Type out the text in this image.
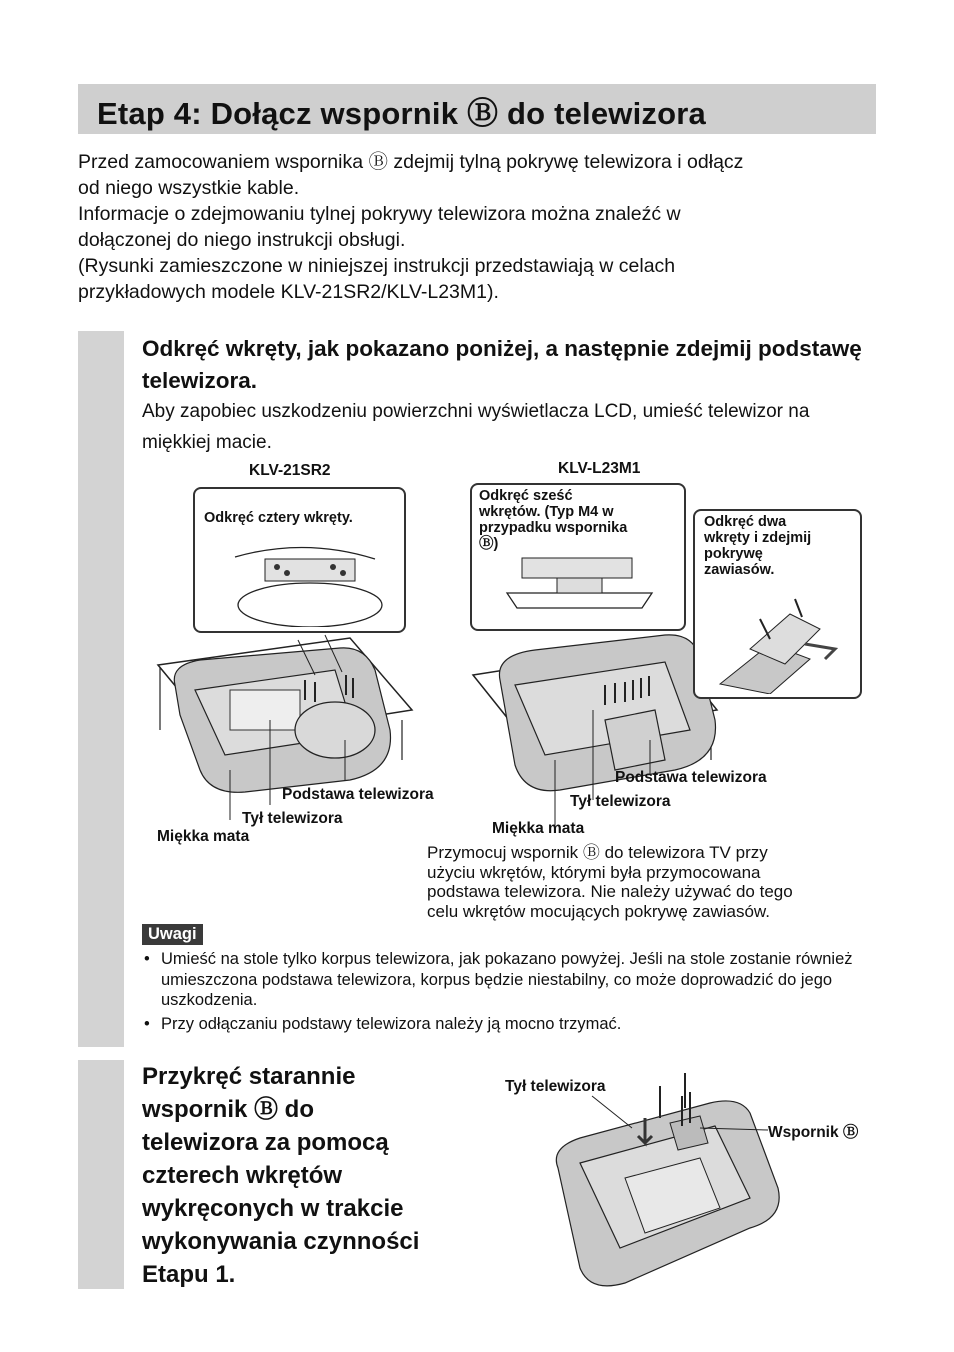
Etap 4: Dołącz wspornik Ⓑ do telewizora
Przed zamocowaniem wspornika Ⓑ zdejmij tylną pokrywę telewizora i odłącz
od niego wszystkie kable.
Informacje o zdejmowaniu tylnej pokrywy telewizora można znaleźć w
dołączonej do niego instrukcji obsługi.
(Rysunki zamieszczone w niniejszej instrukcji przedstawiają w celach
przykładowych modele KLV-21SR2/KLV-L23M1).
Odkręć wkręty, jak pokazano poniżej, a następnie zdejmij podstawę telewizora.
Aby zapobiec uszkodzeniu powierzchni wyświetlacza LCD, umieść telewizor na miękkiej macie.
KLV-21SR2	KLV-L23M1
Odkręć cztery wkręty.
Odkręć sześć
wkrętów. (Typ M4 w
przypadku wspornika
Ⓑ)
Odkręć dwa
wkręty i zdejmij
pokrywę
zawiasów.
Podstawa telewizora
Tył telewizora
Miękka mata
Podstawa telewizora
Tył telewizora
Miękka mata
Przymocuj wspornik Ⓑ do telewizora TV przy
użyciu wkrętów, którymi była przymocowana
podstawa telewizora. Nie należy używać do tego
celu wkrętów mocujących pokrywę zawiasów.
Uwagi
• Umieść na stole tylko korpus telewizora, jak pokazano powyżej. Jeśli na stole zostanie również umieszczona podstawa telewizora, korpus będzie niestabilny, co może doprowadzić do jego uszkodzenia.
• Przy odłączaniu podstawy telewizora należy ją mocno trzymać.
Przykręć starannie
wspornik Ⓑ do
telewizora za pomocą
czterech wkrętów
wykręconych w trakcie
wykonywania czynności
Etapu 1.
Tył telewizora
Wspornik Ⓑ
